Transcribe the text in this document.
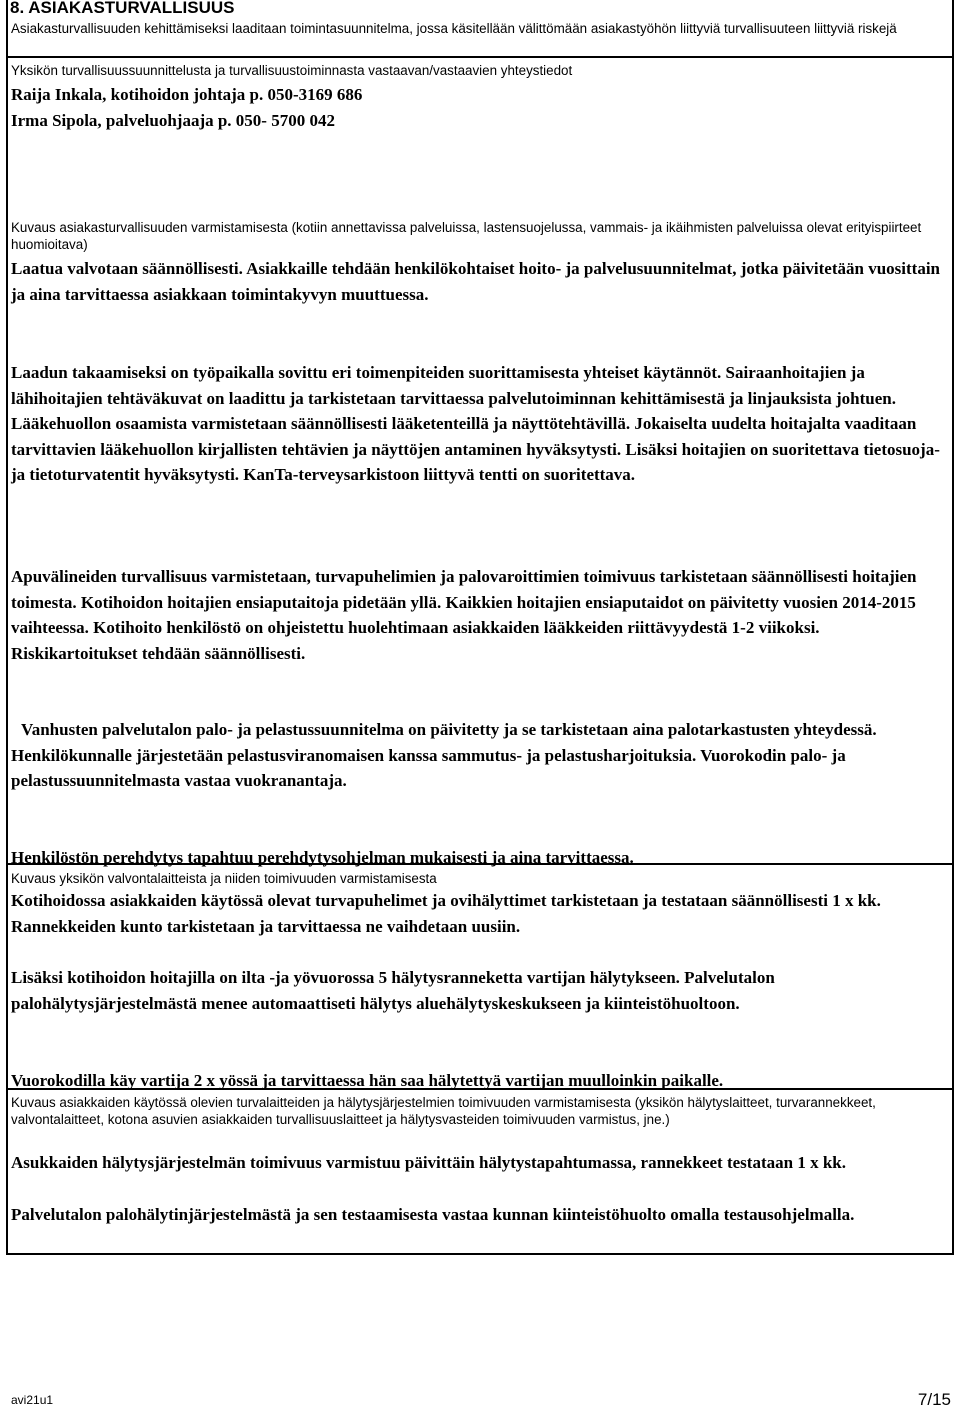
8. ASIAKASTURVALLISUUS
Asiakasturvallisuuden kehittämiseksi laaditaan toimintasuunnitelma, jossa käsitellään välittömään asiakastyöhön liittyviä turvallisuuteen liittyviä riskejä
Yksikön turvallisuussuunnittelusta ja turvallisuustoiminnasta vastaavan/vastaavien yhteystiedot
Raija Inkala, kotihoidon johtaja p. 050-3169 686
Irma Sipola, palveluohjaaja p. 050- 5700 042
Kuvaus asiakasturvallisuuden varmistamisesta (kotiin annettavissa palveluissa, lastensuojelussa, vammais- ja ikäihmisten palveluissa olevat erityispiirteet huomioitava)

Laatua valvotaan säännöllisesti. Asiakkaille tehdään henkilökohtaiset hoito- ja palvelusuunnitelmat, jotka päivitetään vuosittain ja aina tarvittaessa asiakkaan toimintakyvyn muuttuessa.

Laadun takaamiseksi on työpaikalla sovittu eri toimenpiteiden suorittamisesta yhteiset käytännöt. Sairaanhoitajien ja lähihoitajien tehtäväkuvat on laadittu ja tarkistetaan tarvittaessa palvelutoiminnan kehittämisestä ja linjauksista johtuen. Lääkehuollon osaamista varmistetaan säännöllisesti lääketenteillä ja näyttötehtävillä. Jokaiselta uudelta hoitajalta vaaditaan tarvittavien lääkehuollon kirjallisten tehtävien ja näyttöjen antaminen hyväksytysti. Lisäksi hoitajien on suoritettava tietosuoja- ja tietoturvatentit hyväksytysti. KanTa-terveysarkistoon liittyvä tentti on suoritettava.

Apuvälineiden turvallisuus varmistetaan, turvapuhelimien ja palovaroittimien toimivuus tarkistetaan säännöllisesti hoitajien toimesta. Kotihoidon hoitajien ensiaputaitoja pidetään yllä. Kaikkien hoitajien ensiaputaidot on päivitetty vuosien 2014-2015 vaihteessa. Kotihoito henkilöstö on ohjeistettu huolehtimaan asiakkaiden lääkkeiden riittävyydestä 1-2 viikoksi. Riskikartoitukset tehdään säännöllisesti.

Vanhusten palvelutalon palo- ja pelastussuunnitelma on päivitetty ja se tarkistetaan aina palotarkastusten yhteydessä. Henkilökunnalle järjestetään pelastusviranomaisen kanssa sammutus- ja pelastusharjoituksia. Vuorokodin palo- ja pelastussuunnitelmasta vastaa vuokranantaja.

Henkilöstön perehdytys tapahtuu perehdytysohjelman mukaisesti ja aina tarvittaessa.

Kuvaus yksikön valvontalaitteista ja niiden toimivuuden varmistamisesta

Kotihoidossa asiakkaiden käytössä olevat turvapuhelimet ja ovihälyttimet tarkistetaan ja testataan säännöllisesti 1 x kk. Rannekkeiden kunto tarkistetaan ja tarvittaessa ne vaihdetaan uusiin.

Lisäksi kotihoidon hoitajilla on ilta -ja yövuorossa 5 hälytysranneketta vartijan hälytykseen. Palvelutalon palohälytysjärjestelmästä menee automaattiseti hälytys aluehälytyskeskukseen ja kiinteistöhuoltoon.

Vuorokodilla käy vartija 2 x yössä ja tarvittaessa hän saa hälytettyä vartijan muulloinkin paikalle.

Kuvaus asiakkaiden käytössä olevien turvalaitteiden ja hälytysjärjestelmien toimivuuden varmistamisesta (yksikön hälytyslaitteet, turvarannekkeet, valvontalaitteet, kotona asuvien asiakkaiden turvallisuuslaitteet ja hälytysvasteiden toimivuuden varmistus, jne.)

Asukkaiden hälytysjärjestelmän toimivuus varmistuu päivittäin hälytystapahtumassa, rannekkeet testataan 1 x kk.

Palvelutalon palohälytinjärjestelmästä ja sen testaamisesta vastaa kunnan kiinteistöhuolto omalla testausohjelmalla.

avi21u1	7/15
